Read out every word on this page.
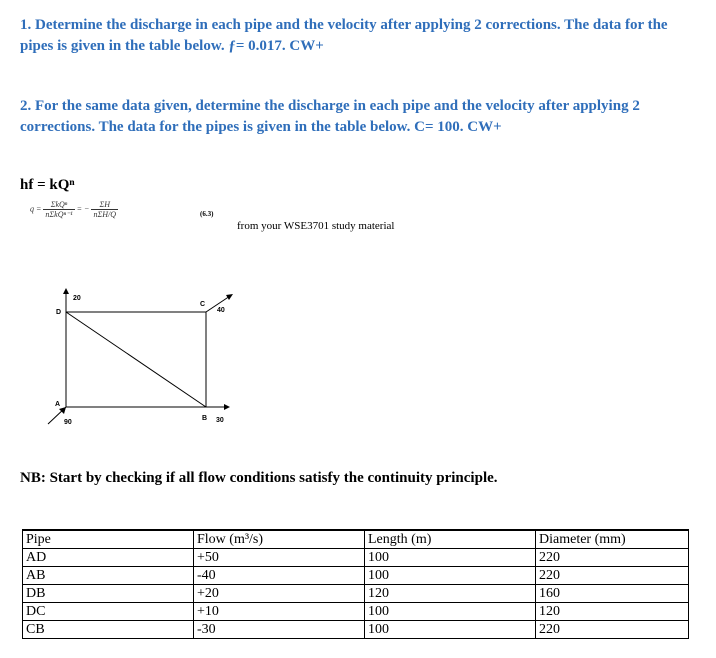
1. Determine the discharge in each pipe and the velocity after applying 2 corrections. The data for the pipes is given in the table below. ƒ= 0.017. CW+
2. For the same data given, determine the discharge in each pipe and the velocity after applying 2 corrections. The data for the pipes is given in the table below. C= 100. CW+
hf = kQⁿ
$q = \frac{\text{ΣkQⁿ}}{\text{nΣkQⁿ⁻¹}}$ = − $\frac{\Sigma H}{\text{nΣH/Q}}$	(6.3)
from your WSE3701 study material
D
C
A
B
20
40
90	30
NB: Start by checking if all flow conditions satisfy the continuity principle.
Pipe	Flow (m³/s)	Length (m)	Diameter (mm)
AD	+50	100	220
AB	-40	100	220
DB	+20	120	160
DC	+10	100	120
CB	-30	100	220
